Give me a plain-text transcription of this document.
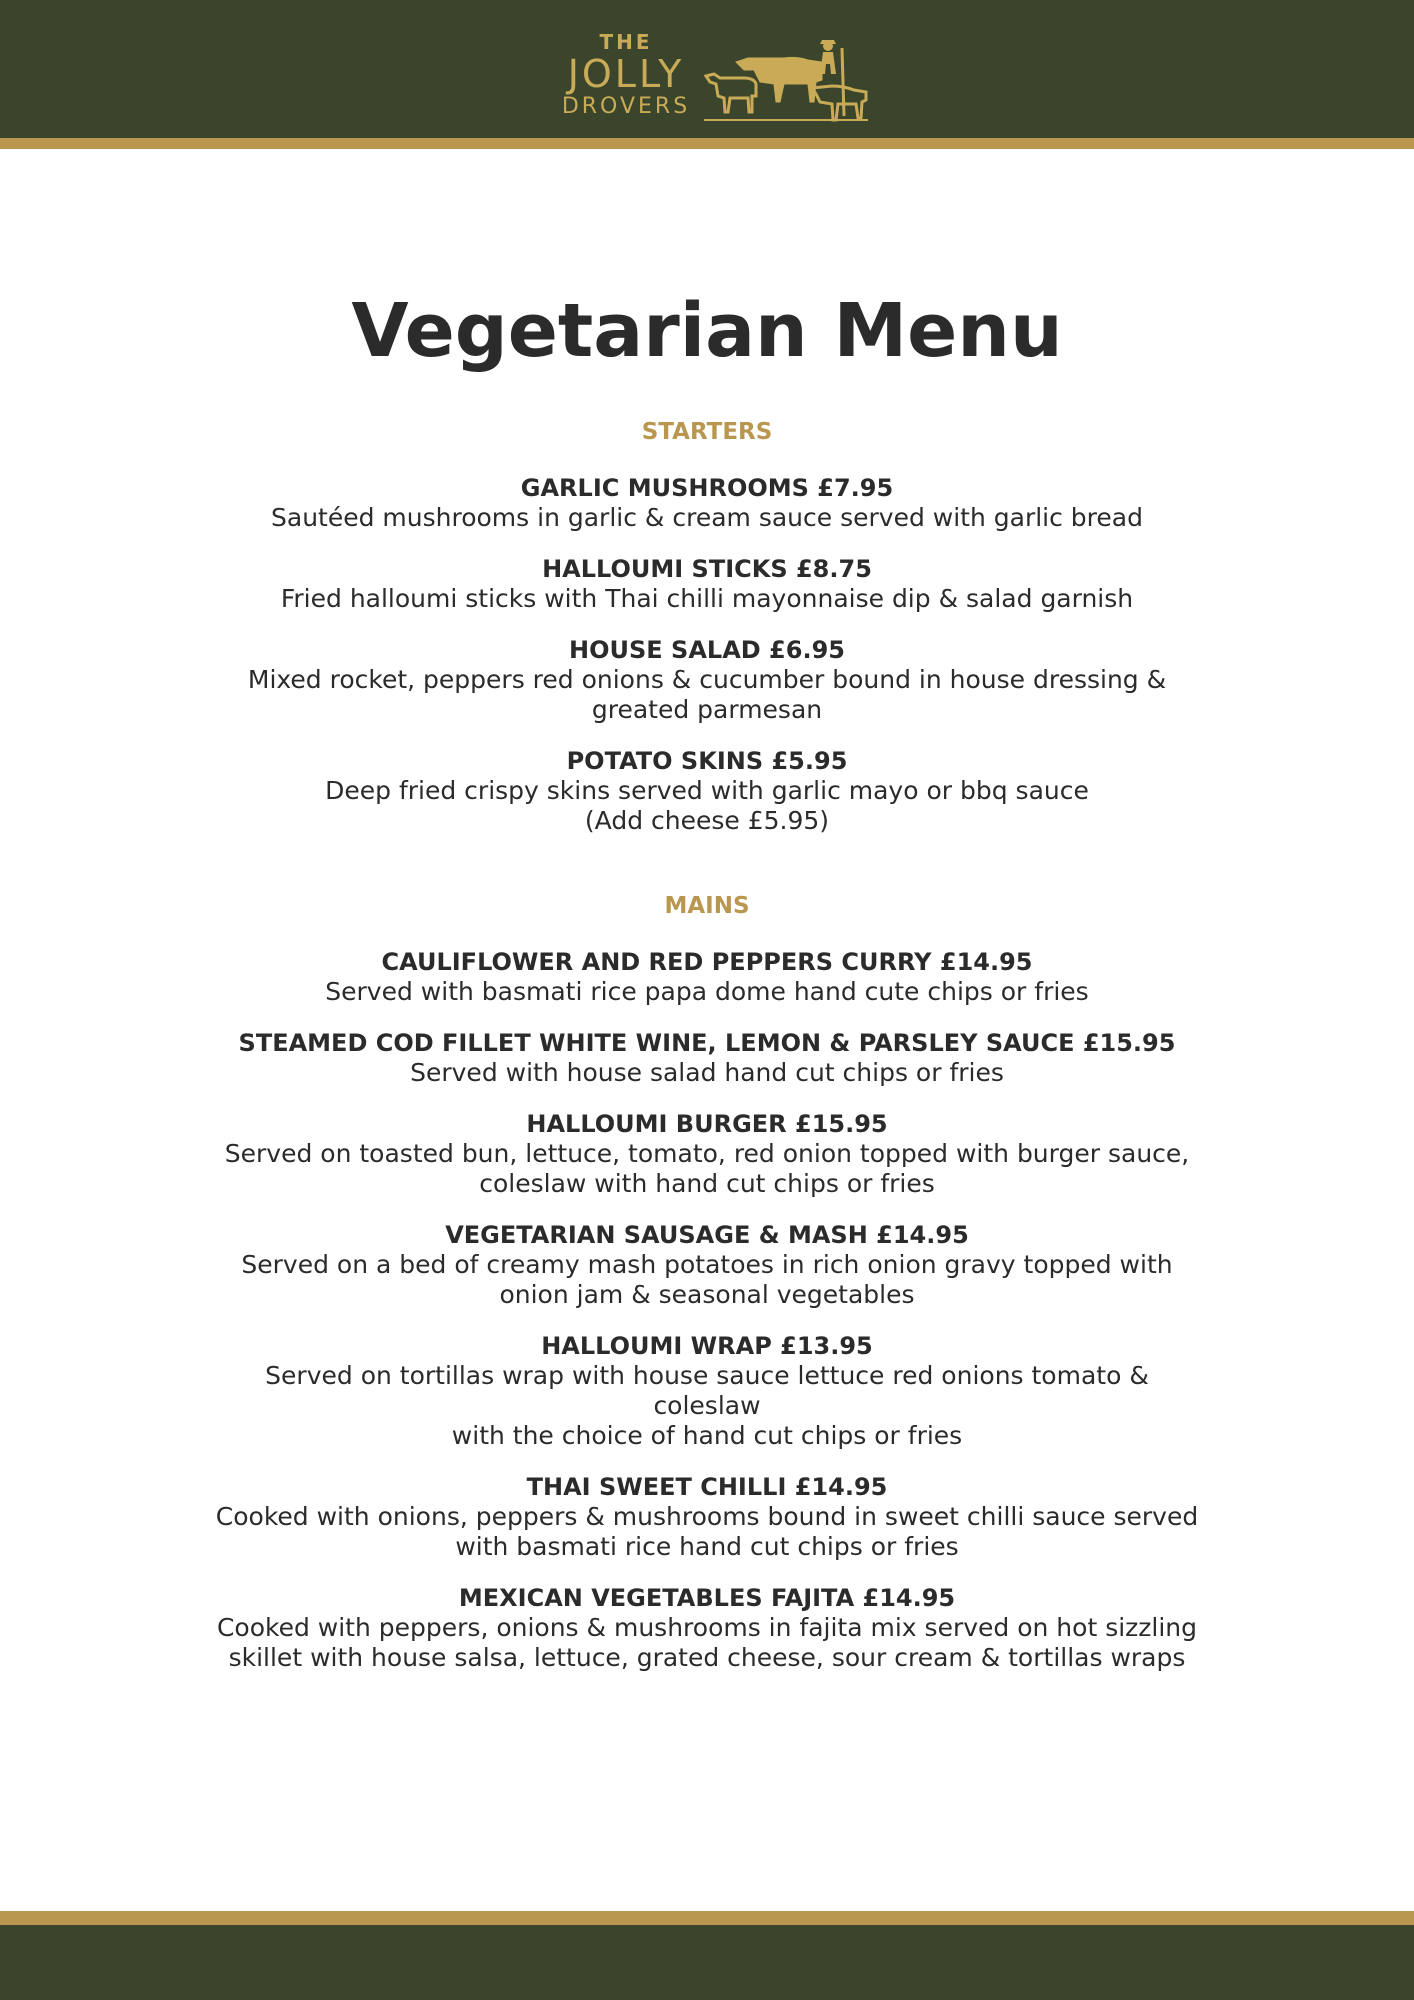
THE
JOLLY
DROVERS
Vegetarian Menu
STARTERS
GARLIC MUSHROOMS £7.95
Sautéed mushrooms in garlic & cream sauce served with garlic bread
HALLOUMI STICKS £8.75
Fried halloumi sticks with Thai chilli mayonnaise dip & salad garnish
HOUSE SALAD £6.95
Mixed rocket, peppers red onions & cucumber bound in house dressing &
greated parmesan
POTATO SKINS £5.95
Deep fried crispy skins served with garlic mayo or bbq sauce
(Add cheese £5.95)
MAINS
CAULIFLOWER AND RED PEPPERS CURRY £14.95
Served with basmati rice papa dome hand cute chips or fries
STEAMED COD FILLET WHITE WINE, LEMON & PARSLEY SAUCE £15.95
Served with house salad hand cut chips or fries
HALLOUMI BURGER £15.95
Served on toasted bun, lettuce, tomato, red onion topped with burger sauce,
coleslaw with hand cut chips or fries
VEGETARIAN SAUSAGE & MASH £14.95
Served on a bed of creamy mash potatoes in rich onion gravy topped with
onion jam & seasonal vegetables
HALLOUMI WRAP £13.95
Served on tortillas wrap with house sauce lettuce red onions tomato &
coleslaw
with the choice of hand cut chips or fries
THAI SWEET CHILLI £14.95
Cooked with onions, peppers & mushrooms bound in sweet chilli sauce served
with basmati rice hand cut chips or fries
MEXICAN VEGETABLES FAJITA £14.95
Cooked with peppers, onions & mushrooms in fajita mix served on hot sizzling
skillet with house salsa, lettuce, grated cheese, sour cream & tortillas wraps
